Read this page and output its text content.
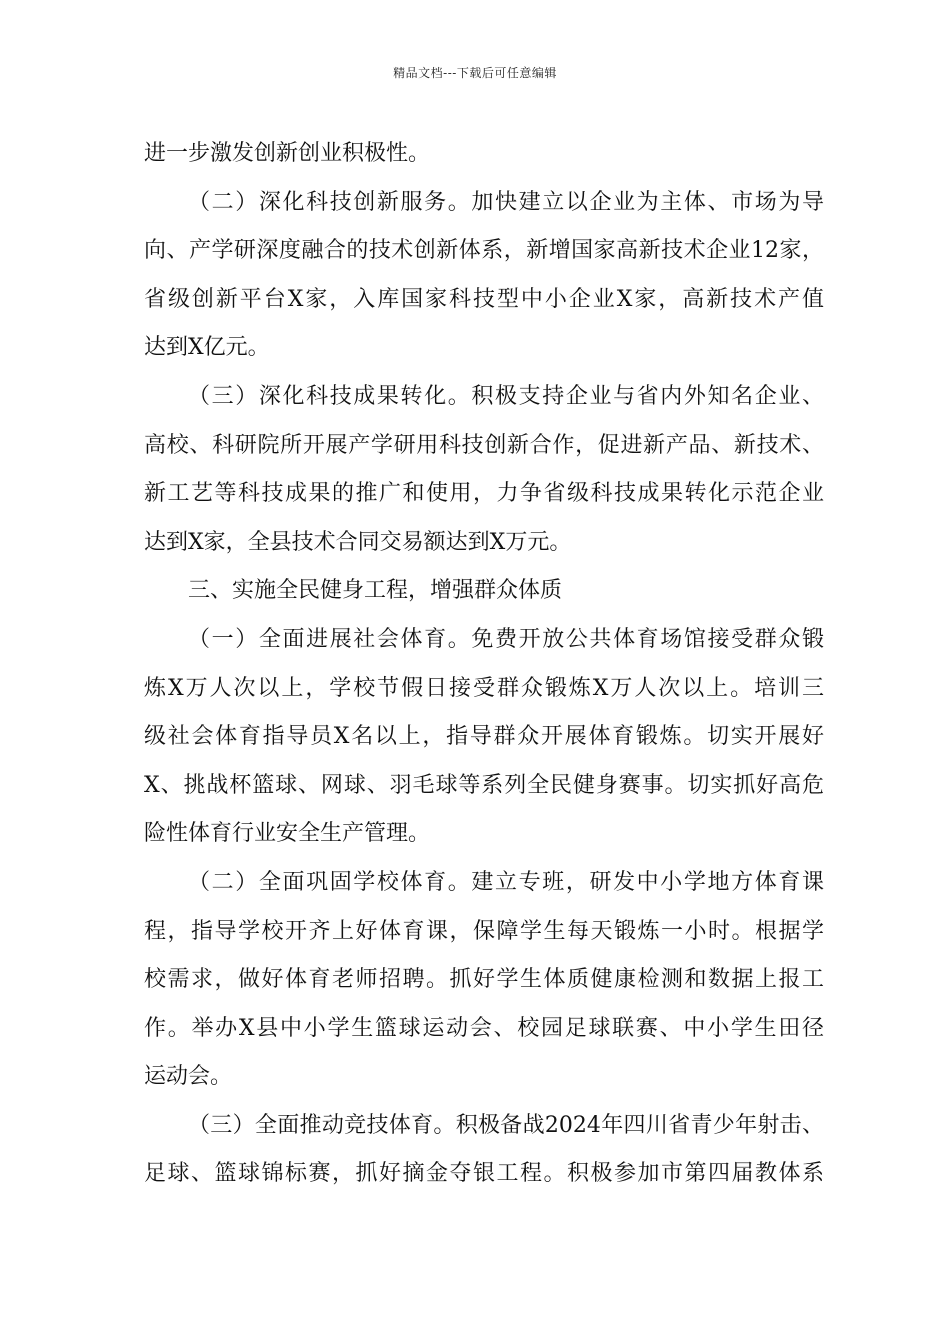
精品文档---下载后可任意编辑
进一步激发创新创业积极性。
（二）深化科技创新服务。加快建立以企业为主体、市场为导
向、产学研深度融合的技术创新体系，新增国家高新技术企业12家，
省级创新平台X家，入库国家科技型中小企业X家，高新技术产值
达到X亿元。
（三）深化科技成果转化。积极支持企业与省内外知名企业、
高校、科研院所开展产学研用科技创新合作，促进新产品、新技术、
新工艺等科技成果的推广和使用，力争省级科技成果转化示范企业
达到X家，全县技术合同交易额达到X万元。
三、实施全民健身工程，增强群众体质
（一）全面进展社会体育。免费开放公共体育场馆接受群众锻
炼X万人次以上，学校节假日接受群众锻炼X万人次以上。培训三
级社会体育指导员X名以上，指导群众开展体育锻炼。切实开展好
X、挑战杯篮球、网球、羽毛球等系列全民健身赛事。切实抓好高危
险性体育行业安全生产管理。
（二）全面巩固学校体育。建立专班，研发中小学地方体育课
程，指导学校开齐上好体育课，保障学生每天锻炼一小时。根据学
校需求，做好体育老师招聘。抓好学生体质健康检测和数据上报工
作。举办X县中小学生篮球运动会、校园足球联赛、中小学生田径
运动会。
（三）全面推动竞技体育。积极备战2024年四川省青少年射击、
足球、篮球锦标赛，抓好摘金夺银工程。积极参加市第四届教体系
